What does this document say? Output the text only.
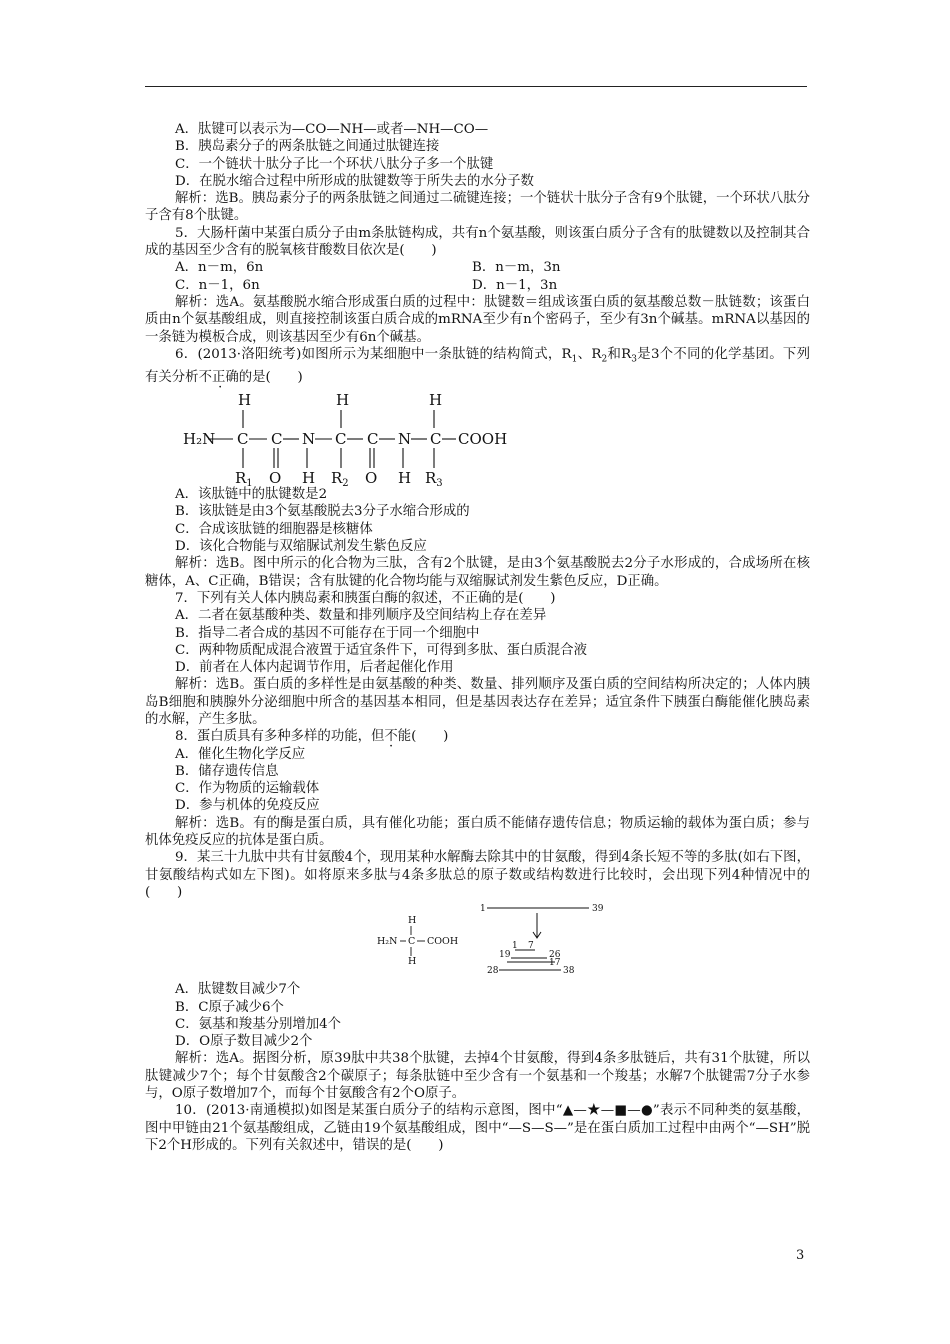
A．肽键可以表示为—CO—NH—或者—NH—CO—

B．胰岛素分子的两条肽链之间通过肽键连接

C．一个链状十肽分子比一个环状八肽分子多一个肽键

D．在脱水缩合过程中所形成的肽键数等于所失去的水分子数

解析：选B。胰岛素分子的两条肽链之间通过二硫键连接；一个链状十肽分子含有9个肽键，一个环状八肽分子含有8个肽键。

5．大肠杆菌中某蛋白质分子由m条肽链构成，共有n个氨基酸，则该蛋白质分子含有的肽键数以及控制其合成的基因至少含有的脱氧核苷酸数目依次是(　　)

A．n－m，6n	B．n－m，3n
C．n－1，6n	D．n－1，3n

解析：选A。氨基酸脱水缩合形成蛋白质的过程中：肽键数＝组成该蛋白质的氨基酸总数－肽链数；该蛋白质由n个氨基酸组成，则直接控制该蛋白质合成的mRNA至少有n个密码子，至少有3n个碱基。mRNA以基因的一条链为模板合成，则该基因至少有6n个碱基。

6．(2013·洛阳统考)如图所示为某细胞中一条肽链的结构简式，$R_1$、$R_2$和$R_3$是3个不同的化学基团。下列有关分析不正确的是(　　)

H	H	H
H₂N C C N C C N C COOH
$R_1$ O H $R_2$ O H $R_3$

A．该肽链中的肽键数是2

B．该肽链是由3个氨基酸脱去3分子水缩合形成的

C．合成该肽链的细胞器是核糖体

D．该化合物能与双缩脲试剂发生紫色反应

解析：选B。图中所示的化合物为三肽，含有2个肽键，是由3个氨基酸脱去2分子水形成的，合成场所在核糖体，A、C正确，B错误；含有肽键的化合物均能与双缩脲试剂发生紫色反应，D正确。

7．下列有关人体内胰岛素和胰蛋白酶的叙述，不正确的是(　　)

A．二者在氨基酸种类、数量和排列顺序及空间结构上存在差异

B．指导二者合成的基因不可能存在于同一个细胞中

C．两种物质配成混合液置于适宜条件下，可得到多肽、蛋白质混合液

D．前者在人体内起调节作用，后者起催化作用

解析：选B。蛋白质的多样性是由氨基酸的种类、数量、排列顺序及蛋白质的空间结构所决定的；人体内胰岛B细胞和胰腺外分泌细胞中所含的基因基本相同，但是基因表达存在差异；适宜条件下胰蛋白酶能催化胰岛素的水解，产生多肽。

8．蛋白质具有多种多样的功能，但不能(　　)

A．催化生物化学反应

B．储存遗传信息

C．作为物质的运输载体

D．参与机体的免疫反应

解析：选B。有的酶是蛋白质，具有催化功能；蛋白质不能储存遗传信息；物质运输的载体为蛋白质；参与机体免疫反应的抗体是蛋白质。

9．某三十九肽中共有甘氨酸4个，现用某种水解酶去除其中的甘氨酸，得到4条长短不等的多肽(如右下图，甘氨酸结构式如左下图)。如将原来多肽与4条多肽总的原子数或结构数进行比较时，会出现下列4种情况中的(　　)

H
H₂N C COOH
H
1	39
1 7
19	26
17
28	38

A．肽键数目减少7个

B．C原子减少6个

C．氨基和羧基分别增加4个

D．O原子数目减少2个

解析：选A。据图分析，原39肽中共38个肽键，去掉4个甘氨酸，得到4条多肽链后，共有31个肽键，所以肽键减少7个；每个甘氨酸含2个碳原子；每条肽链中至少含有一个氨基和一个羧基；水解7个肽键需7分子水参与，O原子数增加7个，而每个甘氨酸含有2个O原子。

10．(2013·南通模拟)如图是某蛋白质分子的结构示意图，图中“▲—★—■—●”表示不同种类的氨基酸，图中甲链由21个氨基酸组成，乙链由19个氨基酸组成，图中“—S—S—”是在蛋白质加工过程中由两个“—SH”脱下2个H形成的。下列有关叙述中，错误的是(　　)

3
